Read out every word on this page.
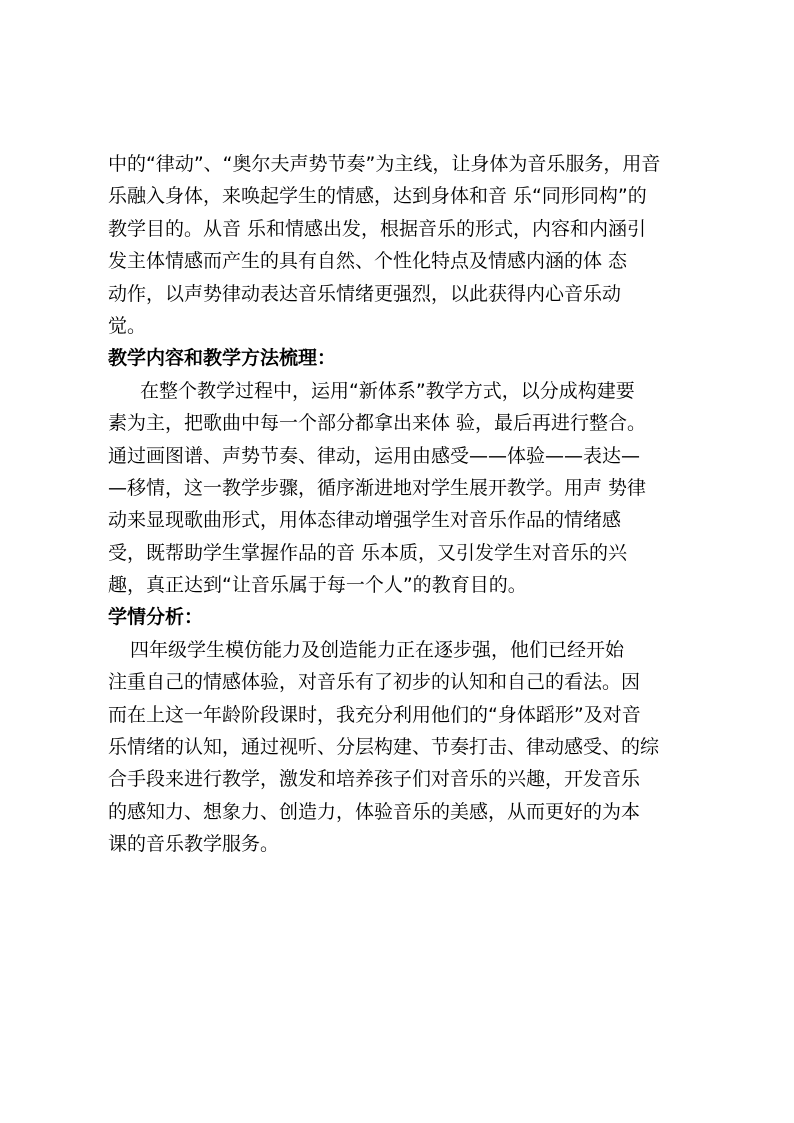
中的“律动”、“奥尔夫声势节奏”为主线，让身体为音乐服务，用音
乐融入身体，来唤起学生的情感，达到身体和音 乐“同形同构”的
教学目的。从音 乐和情感出发，根据音乐的形式，内容和内涵引
发主体情感而产生的具有自然、个性化特点及情感内涵的体 态
动作，以声势律动表达音乐情绪更强烈，以此获得内心音乐动
觉。
教学内容和教学方法梳理：
在整个教学过程中，运用“新体系”教学方式，以分成构建要
素为主，把歌曲中每一个部分都拿出来体 验，最后再进行整合。
通过画图谱、声势节奏、律动，运用由感受——体验——表达—
—移情，这一教学步骤，循序渐进地对学生展开教学。用声 势律
动来显现歌曲形式，用体态律动增强学生对音乐作品的情绪感
受，既帮助学生掌握作品的音 乐本质，又引发学生对音乐的兴
趣，真正达到“让音乐属于每一个人”的教育目的。
学情分析：
四年级学生模仿能力及创造能力正在逐步强，他们已经开始
注重自己的情感体验，对音乐有了初步的认知和自己的看法。因
而在上这一年龄阶段课时，我充分利用他们的“身体蹈形”及对音
乐情绪的认知，通过视听、分层构建、节奏打击、律动感受、的综
合手段来进行教学，激发和培养孩子们对音乐的兴趣，开发音乐
的感知力、想象力、创造力，体验音乐的美感，从而更好的为本
课的音乐教学服务。
